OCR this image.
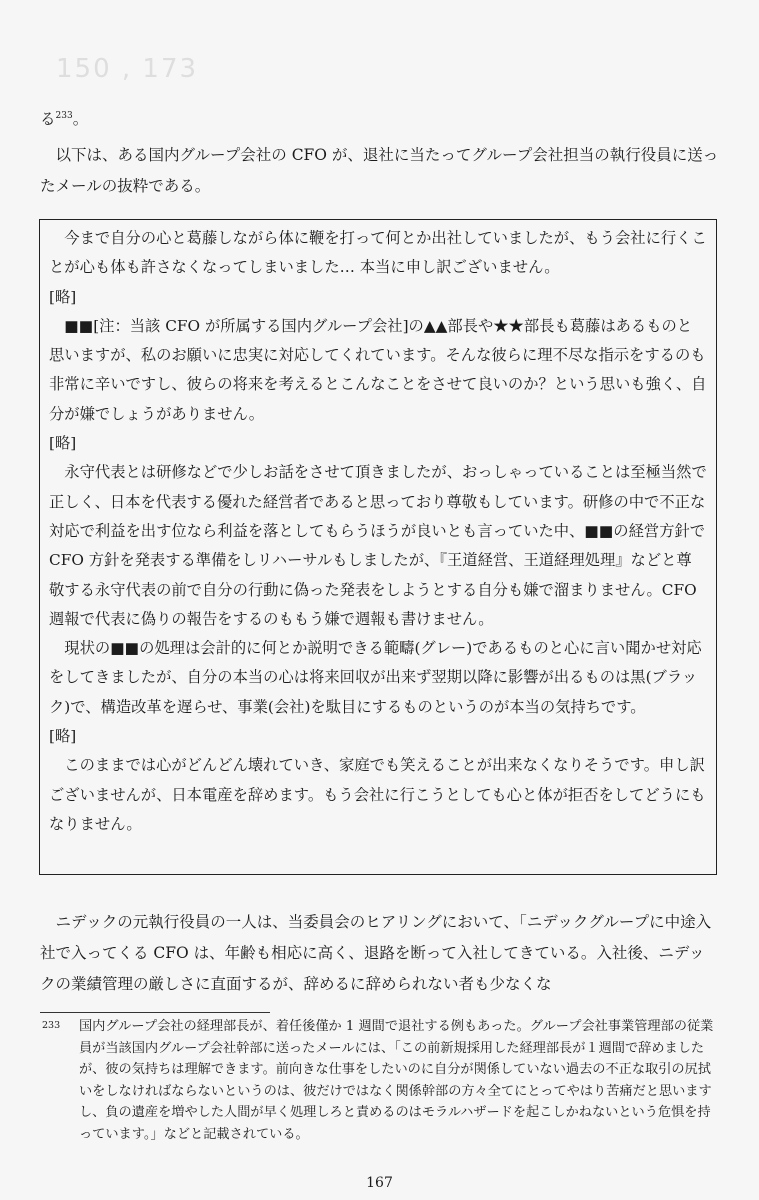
150 , 173

る$^{233}$。

以下は、ある国内グループ会社の CFO が、退社に当たってグループ会社担当の執行役員に送ったメールの抜粋である。

今まで自分の心と葛藤しながら体に鞭を打って何とか出社していましたが、もう会社に行くことが心も体も許さなくなってしまいました… 本当に申し訳ございません。

[略]

■■[注：当該 CFO が所属する国内グループ会社]の▲▲部長や★★部長も葛藤はあるものと思いますが、私のお願いに忠実に対応してくれています。そんな彼らに理不尽な指示をするのも非常に辛いですし、彼らの将来を考えるとこんなことをさせて良いのか？という思いも強く、自分が嫌でしょうがありません。

[略]

永守代表とは研修などで少しお話をさせて頂きましたが、おっしゃっていることは至極当然で正しく、日本を代表する優れた経営者であると思っており尊敬もしています。研修の中で不正な対応で利益を出す位なら利益を落としてもらうほうが良いとも言っていた中、■■の経営方針で CFO 方針を発表する準備をしリハーサルもしましたが、『王道経営、王道経理処理』などと尊敬する永守代表の前で自分の行動に偽った発表をしようとする自分も嫌で溜まりません。CFO 週報で代表に偽りの報告をするのももう嫌で週報も書けません。

現状の■■の処理は会計的に何とか説明できる範疇(グレー)であるものと心に言い聞かせ対応をしてきましたが、自分の本当の心は将来回収が出来ず翌期以降に影響が出るものは黒(ブラック)で、構造改革を遅らせ、事業(会社)を駄目にするものというのが本当の気持ちです。

[略]

このままでは心がどんどん壊れていき、家庭でも笑えることが出来なくなりそうです。申し訳ございませんが、日本電産を辞めます。もう会社に行こうとしても心と体が拒否をしてどうにもなりません。

ニデックの元執行役員の一人は、当委員会のヒアリングにおいて、「ニデックグループに中途入社で入ってくる CFO は、年齢も相応に高く、退路を断って入社してきている。入社後、ニデックの業績管理の厳しさに直面するが、辞めるに辞められない者も少なくな

233 国内グループ会社の経理部長が、着任後僅か 1 週間で退社する例もあった。グループ会社事業管理部の従業員が当該国内グループ会社幹部に送ったメールには、「この前新規採用した経理部長が１週間で辞めましたが、彼の気持ちは理解できます。前向きな仕事をしたいのに自分が関係していない過去の不正な取引の尻拭いをしなければならないというのは、彼だけではなく関係幹部の方々全てにとってやはり苦痛だと思いますし、負の遺産を増やした人間が早く処理しろと責めるのはモラルハザードを起こしかねないという危惧を持っています。」などと記載されている。

167
